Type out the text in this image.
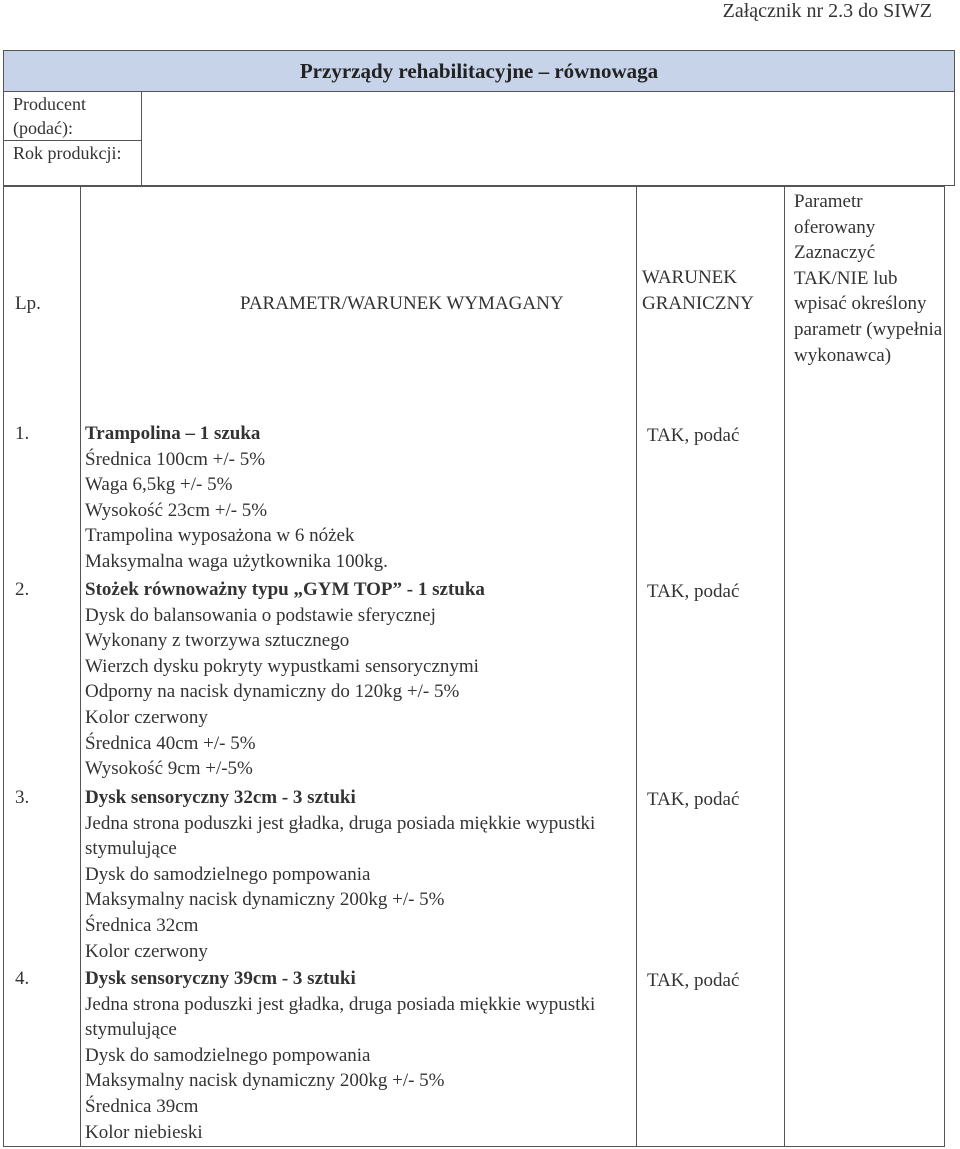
Załącznik nr 2.3 do SIWZ
Przyrządy rehabilitacyjne – równowaga
Producent (podać):
Rok produkcji:
Lp.	PARAMETR/WARUNEK WYMAGANY
WARUNEK GRANICZNY
Parametr oferowany Zaznaczyć TAK/NIE lub wpisać określony parametr (wypełnia wykonawca)
1.	Trampolina – 1 szuka
Średnica 100cm +/- 5%
Waga 6,5kg +/- 5%
Wysokość 23cm +/- 5%
Trampolina wyposażona w 6 nóżek
Maksymalna waga użytkownika 100kg.
TAK, podać
2.	Stożek równoważny typu „GYM TOP” - 1 sztuka
Dysk do balansowania o podstawie sferycznej
Wykonany z tworzywa sztucznego
Wierzch dysku pokryty wypustkami sensorycznymi
Odporny na nacisk dynamiczny do 120kg +/- 5%
Kolor czerwony
Średnica 40cm +/- 5%
Wysokość 9cm +/-5%
TAK, podać
3.	Dysk sensoryczny 32cm - 3 sztuki
Jedna strona poduszki jest gładka, druga posiada miękkie wypustki stymulujące
Dysk do samodzielnego pompowania
Maksymalny nacisk dynamiczny 200kg +/- 5%
Średnica 32cm
Kolor czerwony
TAK, podać
4.	Dysk sensoryczny 39cm - 3 sztuki
Jedna strona poduszki jest gładka, druga posiada miękkie wypustki stymulujące
Dysk do samodzielnego pompowania
Maksymalny nacisk dynamiczny 200kg +/- 5%
Średnica 39cm
Kolor niebieski
TAK, podać
